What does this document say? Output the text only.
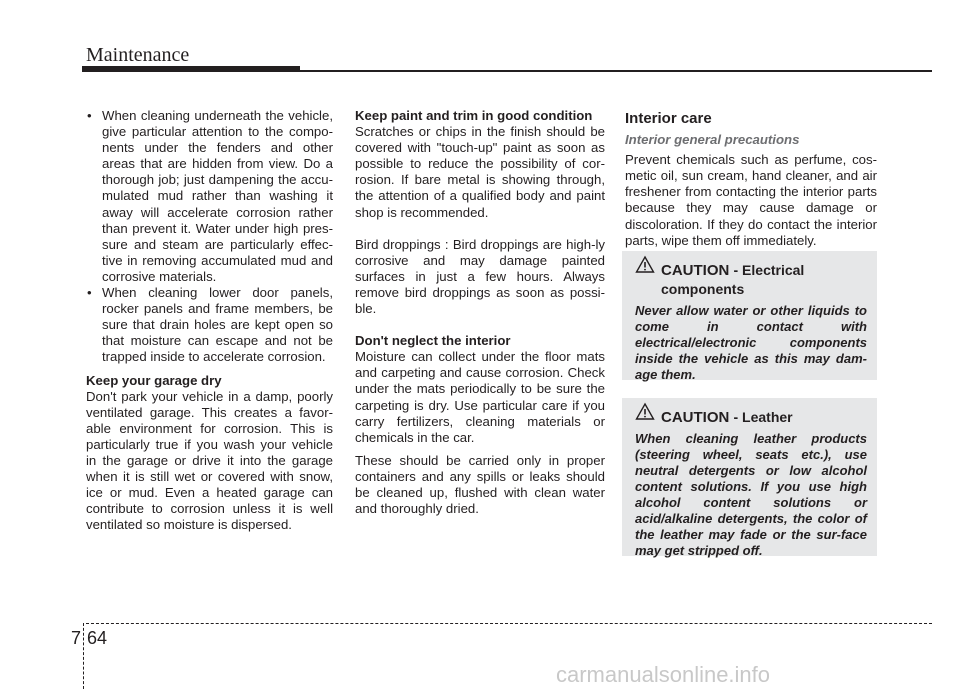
Maintenance
• When cleaning underneath the vehicle, give particular attention to the compo-nents under the fenders and other areas that are hidden from view. Do a thorough job; just dampening the accu-mulated mud rather than washing it away will accelerate corrosion rather than prevent it. Water under high pres-sure and steam are particularly effec-tive in removing accumulated mud and corrosive materials.
• When cleaning lower door panels, rocker panels and frame members, be sure that drain holes are kept open so that moisture can escape and not be trapped inside to accelerate corrosion.

Keep your garage dry

Don't park your vehicle in a damp, poorly ventilated garage. This creates a favor-able environment for corrosion. This is particularly true if you wash your vehicle in the garage or drive it into the garage when it is still wet or covered with snow, ice or mud. Even a heated garage can contribute to corrosion unless it is well ventilated so moisture is dispersed.

Keep paint and trim in good condition

Scratches or chips in the finish should be covered with "touch-up" paint as soon as possible to reduce the possibility of cor-rosion. If bare metal is showing through, the attention of a qualified body and paint shop is recommended.

Bird droppings : Bird droppings are high-ly corrosive and may damage painted surfaces in just a few hours. Always remove bird droppings as soon as possi-ble.

Don't neglect the interior

Moisture can collect under the floor mats and carpeting and cause corrosion. Check under the mats periodically to be sure the carpeting is dry. Use particular care if you carry fertilizers, cleaning materials or chemicals in the car.

These should be carried only in proper containers and any spills or leaks should be cleaned up, flushed with clean water and thoroughly dried.

Interior care
Interior general precautions

Prevent chemicals such as perfume, cos-metic oil, sun cream, hand cleaner, and air freshener from contacting the interior parts because they may cause damage or discoloration. If they do contact the interior parts, wipe them off immediately.

CAUTION - Electrical components
Never allow water or other liquids to come in contact with electrical/electronic components inside the vehicle as this may dam-age them.
CAUTION - Leather
When cleaning leather products (steering wheel, seats etc.), use neutral detergents or low alcohol content solutions. If you use high alcohol content solutions or acid/alkaline detergents, the color of the leather may fade or the sur-face may get stripped off.
7 64
carmanualsonline.info
